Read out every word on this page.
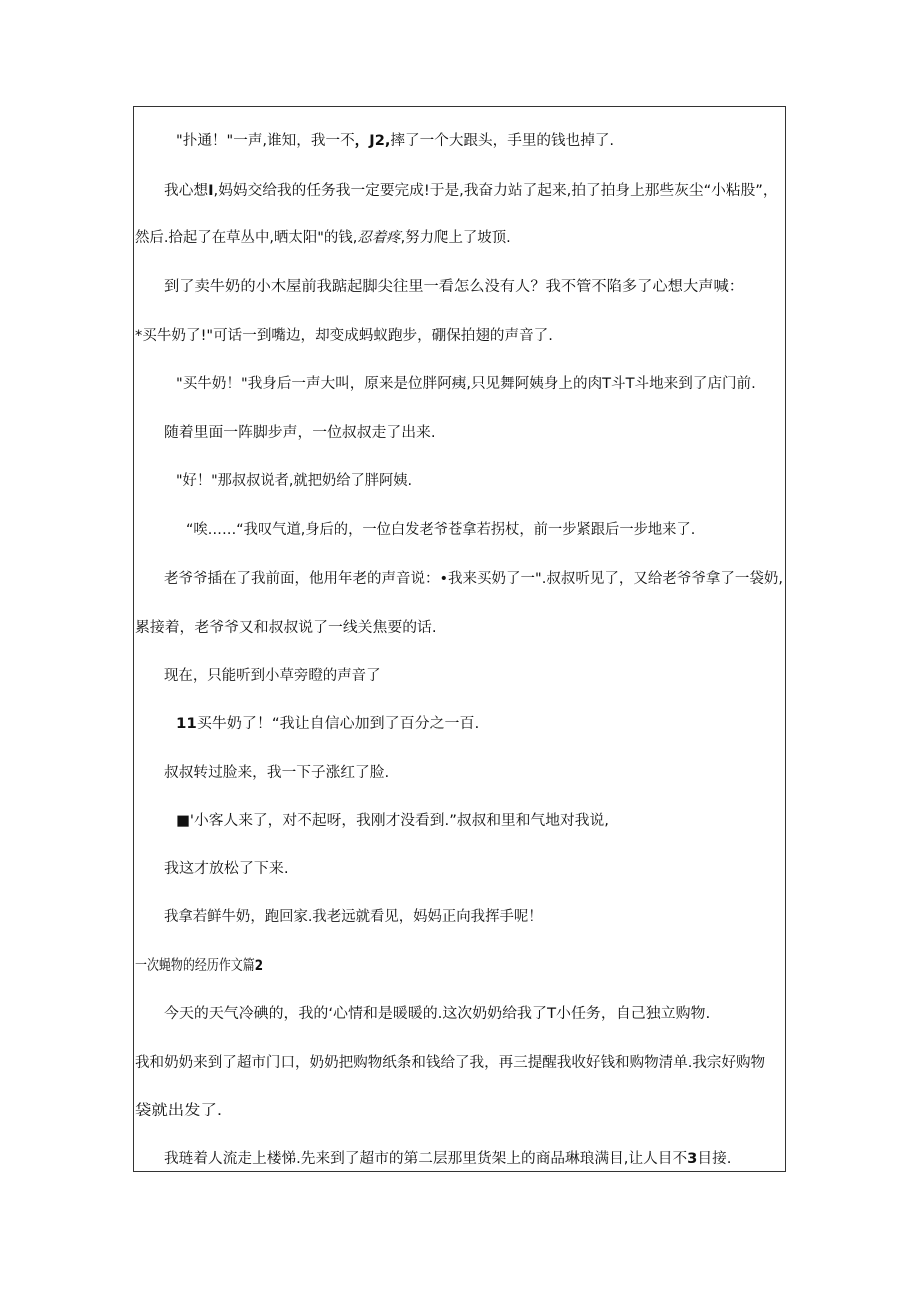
"扑通！"一声,谁知，我一不，J2,摔了一个大跟头，手里的钱也掉了.
我心想I,妈妈交给我的任务我一定要完成!于是,我奋力站了起来,拍了拍身上那些灰尘“小粘股”，
然后.拾起了在草丛中,晒太阳"的钱,忍着疼,努力爬上了坡顶.
到了卖牛奶的小木屋前我踮起脚尖往里一看怎么没有人？我不管不陷多了心想大声喊：
*买牛奶了!"可话一到嘴边，却变成蚂蚁跑步，硼保拍翅的声音了.
"买牛奶！"我身后一声大叫，原来是位胖阿痍,只见舞阿姨身上的肉T斗T斗地来到了店门前.
随着里面一阵脚步声，一位叔叔走了出来.
"好！"那叔叔说者,就把奶给了胖阿姨.
“唉……“我叹气道,身后的，一位白发老爷苍拿若拐杖，前一步紧跟后一步地来了.
老爷爷插在了我前面，他用年老的声音说：•我来买奶了一".叔叔听见了，又给老爷爷拿了一袋奶,
累接着，老爷爷又和叔叔说了一线关焦要的话.
现在，只能听到小草旁瞪的声音了
11买牛奶了！“我让自信心加到了百分之一百.
叔叔转过脸来，我一下子涨红了脸.
■'小客人来了，对不起呀，我刚才没看到.”叔叔和里和气地对我说,
我这才放松了下来.
我拿若鲜牛奶，跑回家.我老远就看见，妈妈正向我挥手呢！
一次蝇物的经历作文篇2
今天的天气冷碘的，我的‘心情和是暖暖的.这次奶奶给我了T小任务，自己独立购物.
我和奶奶来到了超市门口，奶奶把购物纸条和钱给了我，再三提醒我收好钱和购物清单.我宗好购物
袋就出发了.
我琏着人流走上楼悌.先来到了超市的第二层那里货架上的商品琳琅满目,让人目不3目接.
